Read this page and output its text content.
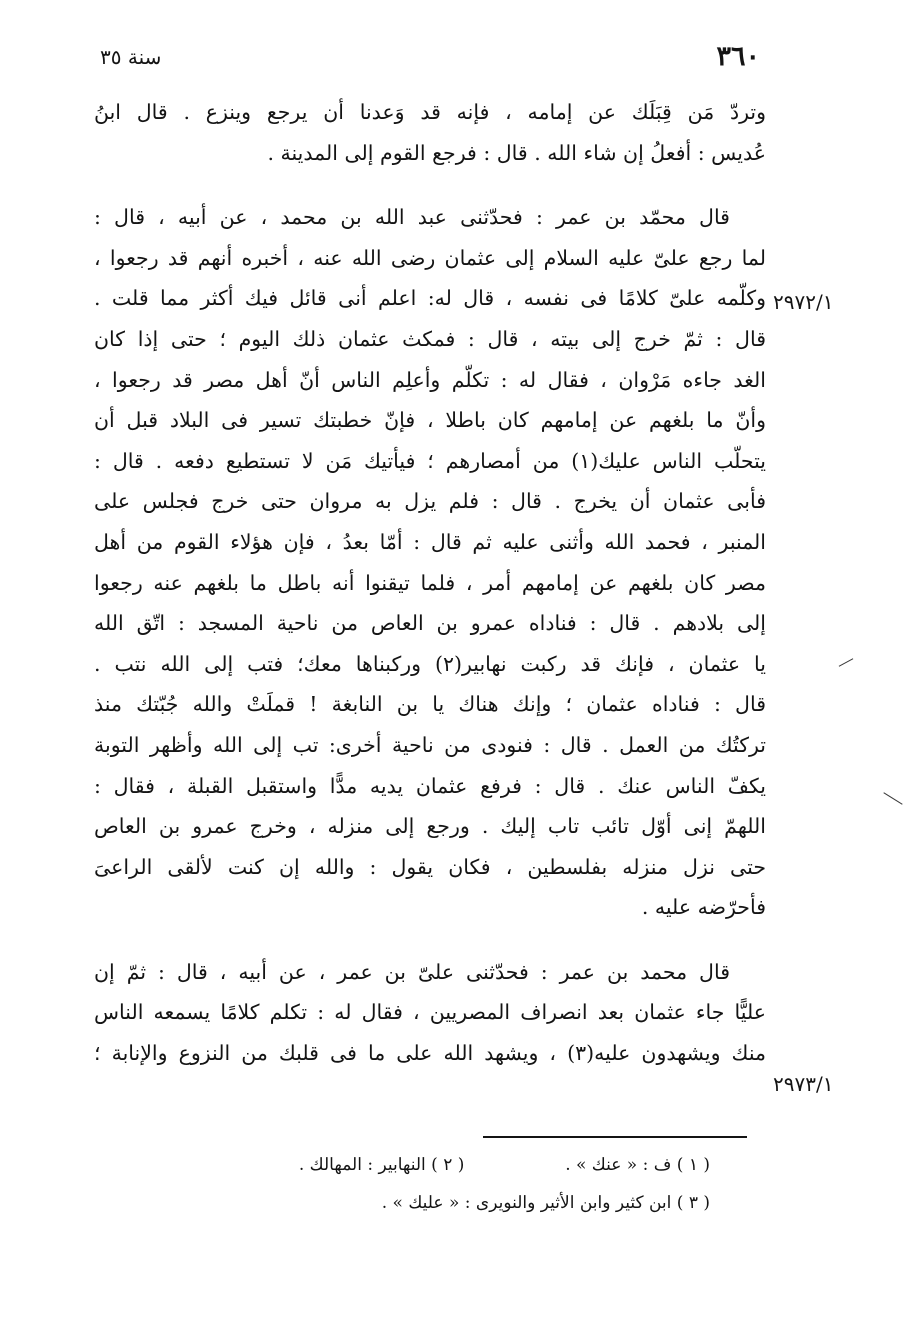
٣٦٠
سنة ٣٥
وتردّ مَن قِبَلَك عن إمامه ، فإنه قد وَعدنا أن يرجع وينزع . قال ابنُ
عُديس : أفعلُ إن شاء الله . قال : فرجع القوم إلى المدينة .
قال محمّد بن عمر : فحدّثنى عبد الله بن محمد ، عن أبيه ، قال :
لما رجع علىّ عليه السلام إلى عثمان رضى الله عنه ، أخبره أنهم قد رجعوا ،
وكلّمه علىّ كلامًا فى نفسه ، قال له: اعلم أنى قائل فيك أكثر مما قلت .
قال : ثمّ خرج إلى بيته ، قال : فمكث عثمان ذلك اليوم ؛ حتى إذا كان
الغد جاءه مَرْوان ، فقال له : تكلّم وأعلِم الناس أنّ أهل مصر قد رجعوا ،
وأنّ ما بلغهم عن إمامهم كان باطلا ، فإنّ خطبتك تسير فى البلاد قبل أن
يتحلّب الناس عليك(١) من أمصارهم ؛ فيأتيك مَن لا تستطيع دفعه . قال :
فأبى عثمان أن يخرج . قال : فلم يزل به مروان حتى خرج فجلس على
المنبر ، فحمد الله وأثنى عليه ثم قال : أمّا بعدُ ، فإن هؤلاء القوم من أهل
مصر كان بلغهم عن إمامهم أمر ، فلما تيقنوا أنه باطل ما بلغهم عنه رجعوا
إلى بلادهم . قال : فناداه عمرو بن العاص من ناحية المسجد : اتّق الله
يا عثمان ، فإنك قد ركبت نهابير(٢) وركبناها معك؛ فتب إلى الله نتب .
قال : فناداه عثمان ؛ وإنك هناك يا بن النابغة ! قملَتْ والله جُبّتك منذ
تركتُك من العمل . قال : فنودى من ناحية أخرى: تب إلى الله وأظهر التوبة
يكفّ الناس عنك . قال : فرفع عثمان يديه مدًّا واستقبل القبلة ، فقال :
اللهمّ إنى أوّل تائب تاب إليك . ورجع إلى منزله ، وخرج عمرو بن العاص
حتى نزل منزله بفلسطين ، فكان يقول : والله إن كنت لألقى الراعىَ
فأحرّضه عليه .
قال محمد بن عمر : فحدّثنى علىّ بن عمر ، عن أبيه ، قال : ثمّ إن
عليًّا جاء عثمان بعد انصراف المصريين ، فقال له : تكلم كلامًا يسمعه الناس
منك ويشهدون عليه(٣) ، ويشهد الله على ما فى قلبك من النزوع والإنابة ؛
٢٩٧٢/١
٢٩٧٣/١
( ١ ) ف : « عنك » .  ( ٢ ) النهابير : المهالك .
( ٣ ) ابن كثير وابن الأثير والنويرى : « عليك » .
